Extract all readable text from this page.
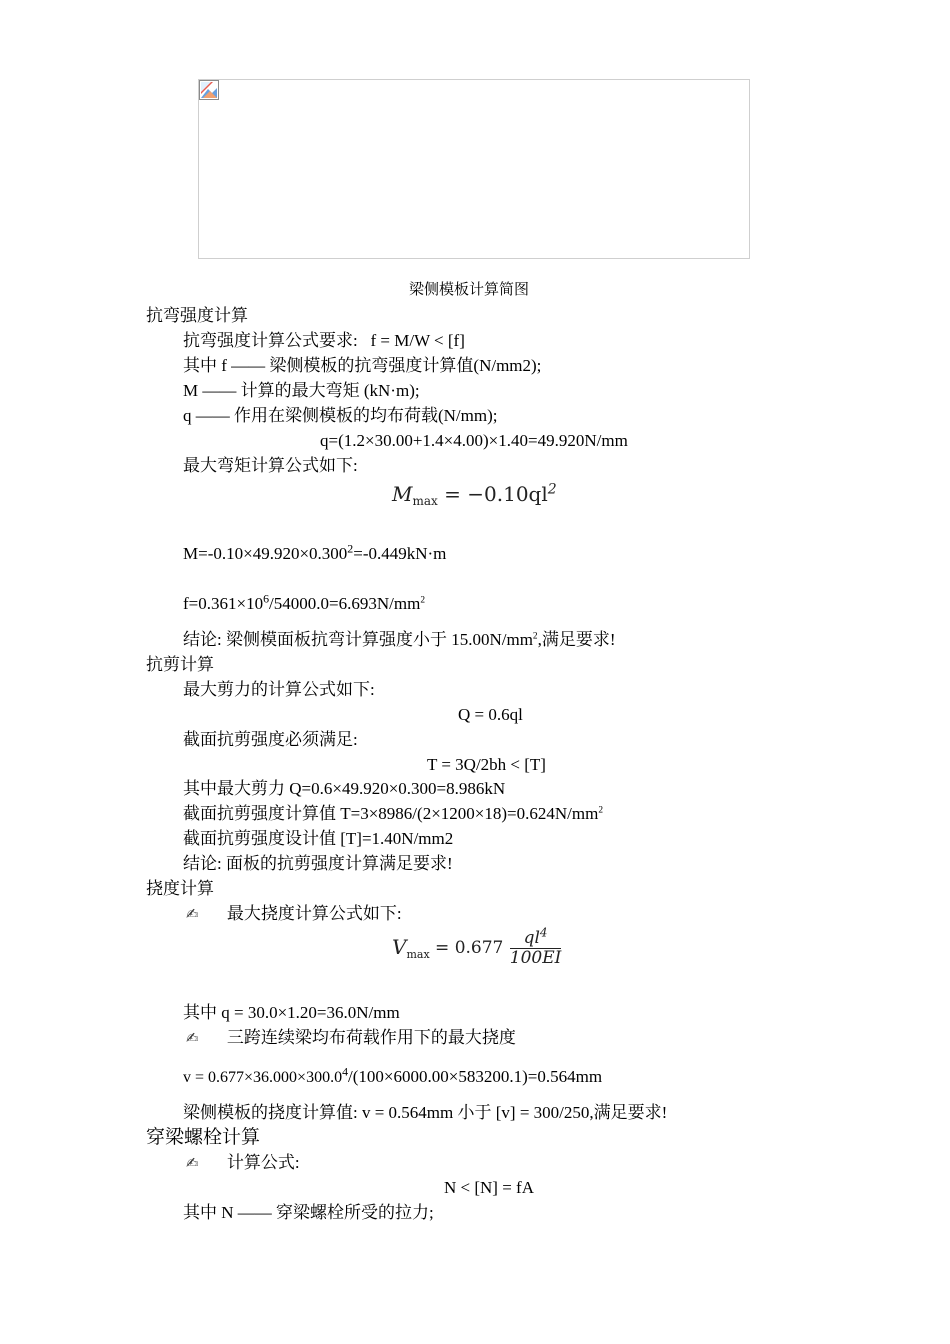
梁侧模板计算简图
抗弯强度计算
抗弯强度计算公式要求: f = M/W < [f]
其中 f —— 梁侧模板的抗弯强度计算值(N/mm2);
M —— 计算的最大弯矩 (kN·m);
q —— 作用在梁侧模板的均布荷载(N/mm);
q=(1.2×30.00+1.4×4.00)×1.40=49.920N/mm
最大弯矩计算公式如下:
$M_{max} = -0.10ql^2$
$M=-0.10\times 49.920\times 0.300^2=-0.449kN\cdot m$
$f=0.361\times 10^6/54000.0=6.693N/mm^2$
结论: 梁侧模面板抗弯计算强度小于 $15.00N/mm^2$,满足要求!
抗剪计算
最大剪力的计算公式如下:
Q = 0.6ql
截面抗剪强度必须满足:
T = 3Q/2bh < [T]
其中最大剪力 Q=0.6×49.920×0.300=8.986kN
截面抗剪强度计算值 $T=3\times 8986/(2\times 1200\times 18)=0.624N/mm^2$
截面抗剪强度设计值 [T]=1.40N/mm2
结论: 面板的抗剪强度计算满足要求!
挠度计算
✍ 最大挠度计算公式如下:
$V_{max} = 0.677 \frac{ql^4}{100EI}$
其中 q = 30.0×1.20=36.0N/mm
✍ 三跨连续梁均布荷载作用下的最大挠度
$v = 0.677\times 36.000\times 300.0^4/(100\times 6000.00\times 583200.1)=0.564mm$
梁侧模板的挠度计算值: v = 0.564mm 小于 [v] = 300/250,满足要求!
穿梁螺栓计算
✍ 计算公式:
N < [N] = fA
其中 N —— 穿梁螺栓所受的拉力;
